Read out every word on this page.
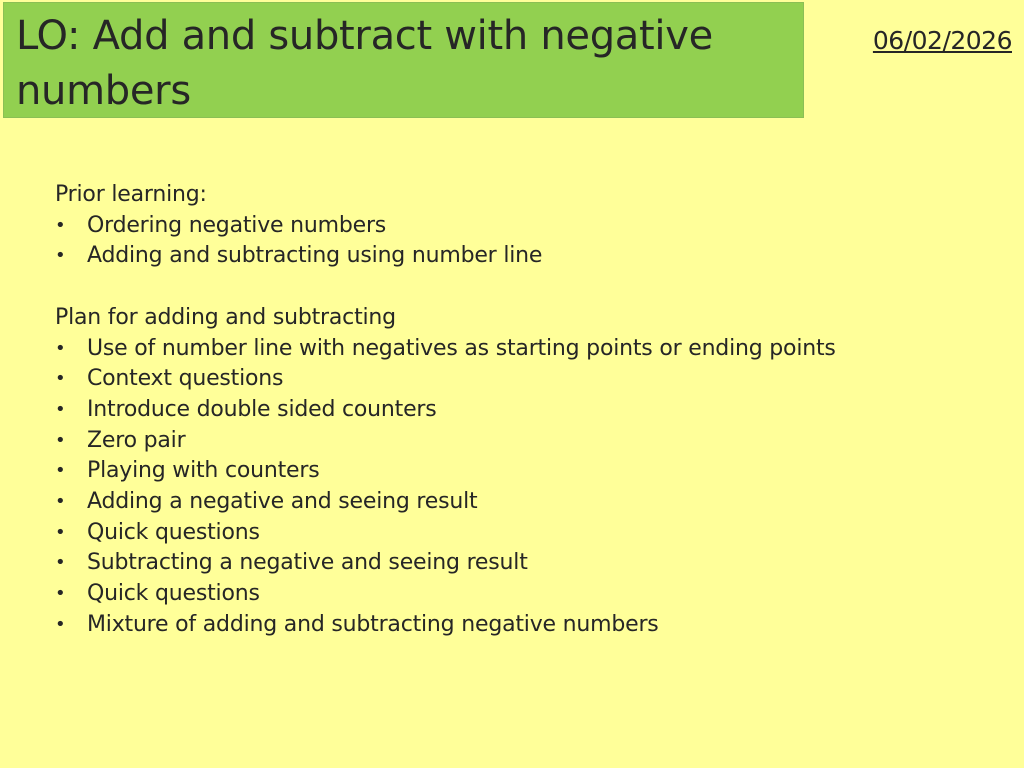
LO: Add and subtract with negative numbers
06/02/2026

Prior learning:

• Ordering negative numbers
• Adding and subtracting using number line

Plan for adding and subtracting

• Use of number line with negatives as starting points or ending points
• Context questions
• Introduce double sided counters
• Zero pair
• Playing with counters
• Adding a negative and seeing result
• Quick questions
• Subtracting a negative and seeing result
• Quick questions
• Mixture of adding and subtracting negative numbers
